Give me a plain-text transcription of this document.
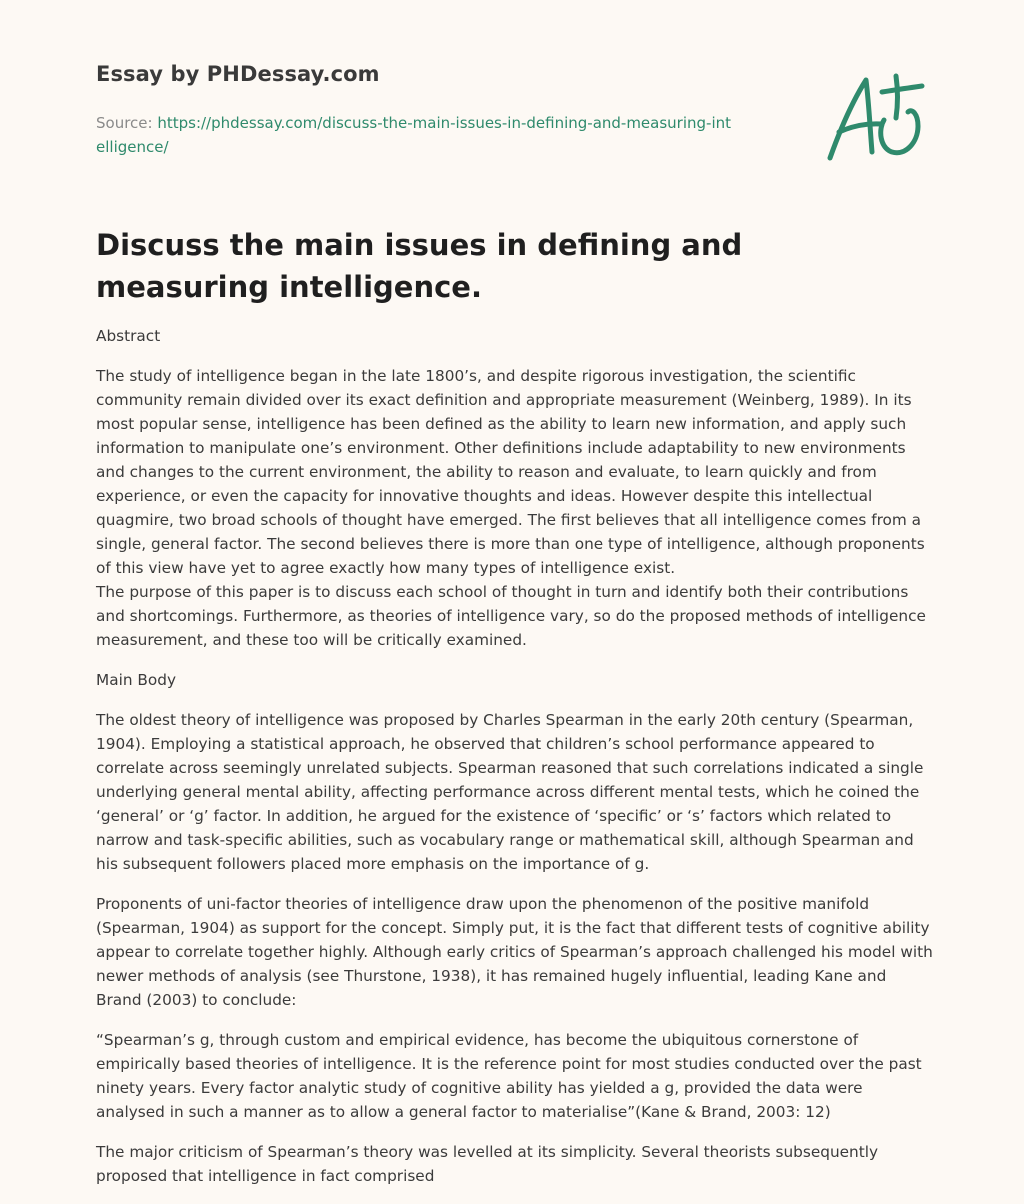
Essay by PHDessay.com
Source: https://phdessay.com/discuss-the-main-issues-in-defining-and-measuring-intelligence/
Discuss the main issues in defining and measuring intelligence.

Abstract

The study of intelligence began in the late 1800’s, and despite rigorous investigation, the scientific community remain divided over its exact definition and appropriate measurement (Weinberg, 1989). In its most popular sense, intelligence has been defined as the ability to learn new information, and apply such information to manipulate one’s environment. Other definitions include adaptability to new environments and changes to the current environment, the ability to reason and evaluate, to learn quickly and from experience, or even the capacity for innovative thoughts and ideas. However despite this intellectual quagmire, two broad schools of thought have emerged. The first believes that all intelligence comes from a single, general factor. The second believes there is more than one type of intelligence, although proponents of this view have yet to agree exactly how many types of intelligence exist.

The purpose of this paper is to discuss each school of thought in turn and identify both their contributions and shortcomings. Furthermore, as theories of intelligence vary, so do the proposed methods of intelligence measurement, and these too will be critically examined.

Main Body

The oldest theory of intelligence was proposed by Charles Spearman in the early 20th century (Spearman, 1904). Employing a statistical approach, he observed that children’s school performance appeared to correlate across seemingly unrelated subjects. Spearman reasoned that such correlations indicated a single underlying general mental ability, affecting performance across different mental tests, which he coined the ‘general’ or ‘g’ factor. In addition, he argued for the existence of ‘specific’ or ‘s’ factors which related to narrow and task-specific abilities, such as vocabulary range or mathematical skill, although Spearman and his subsequent followers placed more emphasis on the importance of g.

Proponents of uni-factor theories of intelligence draw upon the phenomenon of the positive manifold (Spearman, 1904) as support for the concept. Simply put, it is the fact that different tests of cognitive ability appear to correlate together highly. Although early critics of Spearman’s approach challenged his model with newer methods of analysis (see Thurstone, 1938), it has remained hugely influential, leading Kane and Brand (2003) to conclude:

“Spearman’s g, through custom and empirical evidence, has become the ubiquitous cornerstone of empirically based theories of intelligence. It is the reference point for most studies conducted over the past ninety years. Every factor analytic study of cognitive ability has yielded a g, provided the data were analysed in such a manner as to allow a general factor to materialise”(Kane & Brand, 2003: 12)

The major criticism of Spearman’s theory was levelled at its simplicity. Several theorists subsequently proposed that intelligence in fact comprised
